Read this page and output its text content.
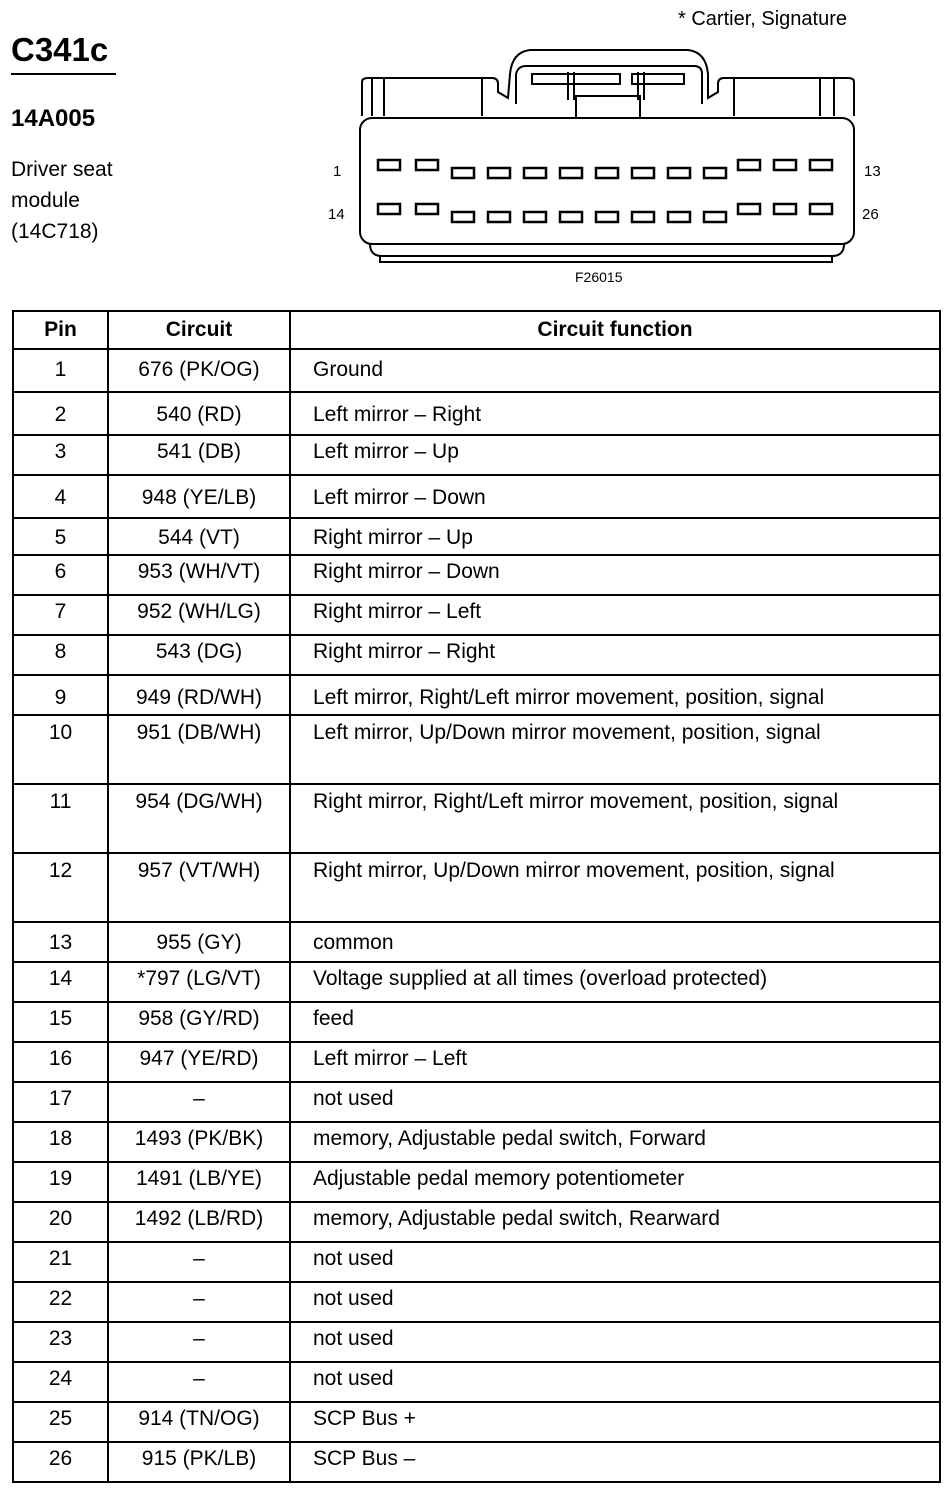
C341c
14A005
Driver seat
module
(14C718)
* Cartier, Signature
1	13
14	26
F26015
Pin	Circuit	Circuit function
1	676 (PK/OG)	Ground
2	540 (RD)	Left mirror – Right
3	541 (DB)	Left mirror – Up
4	948 (YE/LB)	Left mirror – Down
5	544 (VT)	Right mirror – Up
6	953 (WH/VT)	Right mirror – Down
7	952 (WH/LG)	Right mirror – Left
8	543 (DG)	Right mirror – Right
9	949 (RD/WH)	Left mirror, Right/Left mirror movement, position, signal
10	951 (DB/WH)	Left mirror, Up/Down mirror movement, position, signal
11	954 (DG/WH)	Right mirror, Right/Left mirror movement, position, signal
12	957 (VT/WH)	Right mirror, Up/Down mirror movement, position, signal
13	955 (GY)	common
14	*797 (LG/VT)	Voltage supplied at all times (overload protected)
15	958 (GY/RD)	feed
16	947 (YE/RD)	Left mirror – Left
17	–	not used
18	1493 (PK/BK)	memory, Adjustable pedal switch, Forward
19	1491 (LB/YE)	Adjustable pedal memory potentiometer
20	1492 (LB/RD)	memory, Adjustable pedal switch, Rearward
21	–	not used
22	–	not used
23	–	not used
24	–	not used
25	914 (TN/OG)	SCP Bus +
26	915 (PK/LB)	SCP Bus –
